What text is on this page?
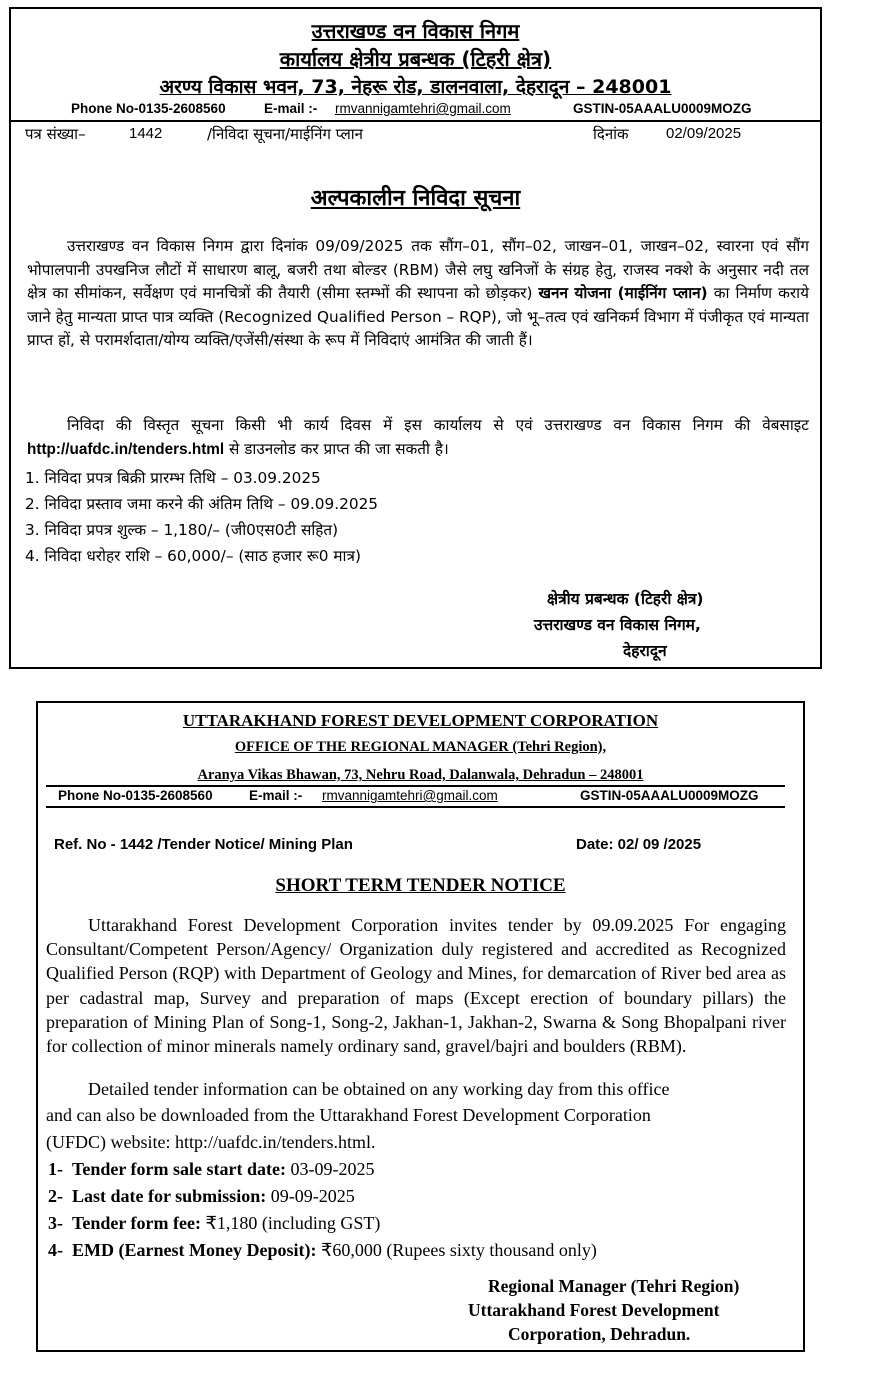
उत्तराखण्ड वन विकास निगम
कार्यालय क्षेत्रीय प्रबन्धक (टिहरी क्षेत्र)
अरण्य विकास भवन, 73, नेहरू रोड, डालनवाला, देहरादून – 248001
Phone No-0135-2608560	E-mail :- rmvannigamtehri@gmail.com	GSTIN-05AAALU0009MOZG
पत्र संख्या–	1442	/निविदा सूचना/माईनिंग प्लान	दिनांक 02/09/2025
अल्पकालीन निविदा सूचना
उत्तराखण्ड वन विकास निगम द्वारा दिनांक 09/09/2025 तक सौंग–01, सौंग–02, जाखन–01, जाखन–02, स्वारना एवं सौंग भोपालपानी उपखनिज लौटों में साधारण बालू, बजरी तथा बोल्डर (RBM) जैसे लघु खनिजों के संग्रह हेतु, राजस्व नक्शे के अनुसार नदी तल क्षेत्र का सीमांकन, सर्वेक्षण एवं मानचित्रों की तैयारी (सीमा स्तम्भों की स्थापना को छोड़कर) खनन योजना (माईनिंग प्लान) का निर्माण कराये जाने हेतु मान्यता प्राप्त पात्र व्यक्ति (Recognized Qualified Person – RQP), जो भू–तत्व एवं खनिकर्म विभाग में पंजीकृत एवं मान्यता प्राप्त हों, से परामर्शदाता/योग्य व्यक्ति/एजेंसी/संस्था के रूप में निविदाएं आमंत्रित की जाती हैं।
निविदा की विस्तृत सूचना किसी भी कार्य दिवस में इस कार्यालय से एवं उत्तराखण्ड वन विकास निगम की वेबसाइट http://uafdc.in/tenders.html से डाउनलोड कर प्राप्त की जा सकती है।
1. निविदा प्रपत्र बिक्री प्रारम्भ तिथि – 03.09.2025
2. निविदा प्रस्ताव जमा करने की अंतिम तिथि – 09.09.2025
3. निविदा प्रपत्र शुल्क – 1,180/– (जी0एस0टी सहित)
4. निविदा धरोहर राशि – 60,000/– (साठ हजार रू0 मात्र)
क्षेत्रीय प्रबन्धक (टिहरी क्षेत्र)
उत्तराखण्ड वन विकास निगम,
देहरादून
UTTARAKHAND FOREST DEVELOPMENT CORPORATION
OFFICE OF THE REGIONAL MANAGER (Tehri Region),
Aranya Vikas Bhawan, 73, Nehru Road, Dalanwala, Dehradun – 248001
Phone No-0135-2608560	E-mail :- rmvannigamtehri@gmail.com	GSTIN-05AAALU0009MOZG
Ref. No - 1442 /Tender Notice/ Mining Plan	Date: 02/ 09 /2025
SHORT TERM TENDER NOTICE
Uttarakhand Forest Development Corporation invites tender by 09.09.2025 For engaging Consultant/Competent Person/Agency/ Organization duly registered and accredited as Recognized Qualified Person (RQP) with Department of Geology and Mines, for demarcation of River bed area as per cadastral map, Survey and preparation of maps (Except erection of boundary pillars) the preparation of Mining Plan of Song-1, Song-2, Jakhan-1, Jakhan-2, Swarna & Song Bhopalpani river for collection of minor minerals namely ordinary sand, gravel/bajri and boulders (RBM).
Detailed tender information can be obtained on any working day from this office
and can also be downloaded from the Uttarakhand Forest Development Corporation
(UFDC) website: http://uafdc.in/tenders.html.
1- Tender form sale start date: 03-09-2025
2- Last date for submission: 09-09-2025
3- Tender form fee: ₹1,180 (including GST)
4- EMD (Earnest Money Deposit): ₹60,000 (Rupees sixty thousand only)
Regional Manager (Tehri Region)
Uttarakhand Forest Development
Corporation, Dehradun.
